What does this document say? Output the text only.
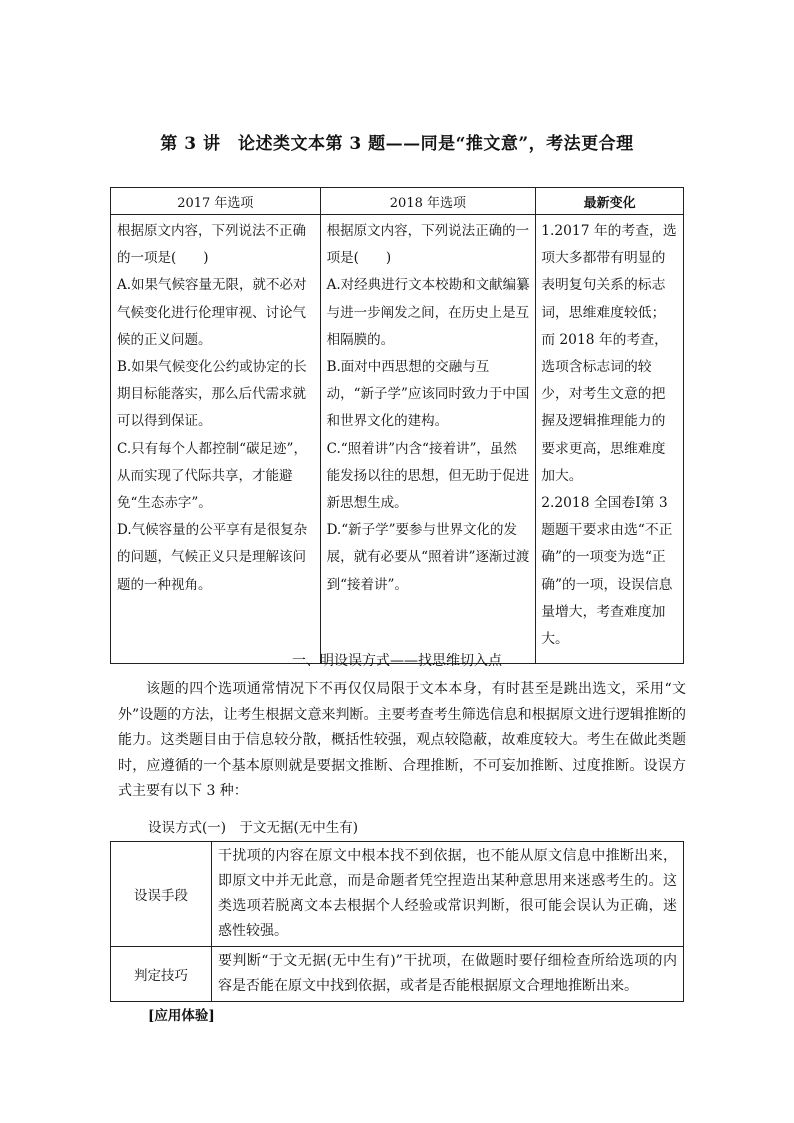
第 3 讲　论述类文本第 3 题——同是“推文意”，考法更合理
2017 年选项	2018 年选项	最新变化

根据原文内容，下列说法不正确的一项是(　　)
A.如果气候容量无限，就不必对气候变化进行伦理审视、讨论气候的正义问题。
B.如果气候变化公约或协定的长期目标能落实，那么后代需求就可以得到保证。
C.只有每个人都控制“碳足迹”，从而实现了代际共享，才能避免“生态赤字”。
D.气候容量的公平享有是很复杂的问题，气候正义只是理解该问题的一种视角。	根据原文内容，下列说法正确的一项是(　　)
A.对经典进行文本校勘和文献编纂与进一步阐发之间，在历史上是互相隔膜的。
B.面对中西思想的交融与互动，“新子学”应该同时致力于中国和世界文化的建构。
C.“照着讲”内含“接着讲”，虽然能发扬以往的思想，但无助于促进新思想生成。
D.“新子学”要参与世界文化的发展，就有必要从“照着讲”逐渐过渡到“接着讲”。	1.2017 年的考查，选项大多都带有明显的表明复句关系的标志词，思维难度较低；而 2018 年的考查，选项含标志词的较少，对考生文意的把握及逻辑推理能力的要求更高，思维难度加大。
2.2018 全国卷Ⅰ第 3 题题干要求由选“不正确”的一项变为选“正确”的一项，设误信息量增大，考查难度加大。
一、明设误方式——找思维切入点

该题的四个选项通常情况下不再仅仅局限于文本本身，有时甚至是跳出选文，采用“文外”设题的方法，让考生根据文意来判断。主要考查考生筛选信息和根据原文进行逻辑推断的能力。这类题目由于信息较分散，概括性较强，观点较隐蔽，故难度较大。考生在做此类题时，应遵循的一个基本原则就是要据文推断、合理推断，不可妄加推断、过度推断。设误方式主要有以下 3 种：

设误方式(一)　于文无据(无中生有)
设误手段	干扰项的内容在原文中根本找不到依据，也不能从原文信息中推断出来，即原文中并无此意，而是命题者凭空捏造出某种意思用来迷惑考生的。这类选项若脱离文本去根据个人经验或常识判断，很可能会误认为正确，迷惑性较强。
判定技巧	要判断“于文无据(无中生有)”干扰项，在做题时要仔细检查所给选项的内容是否能在原文中找到依据，或者是否能根据原文合理地推断出来。
[应用体验]
